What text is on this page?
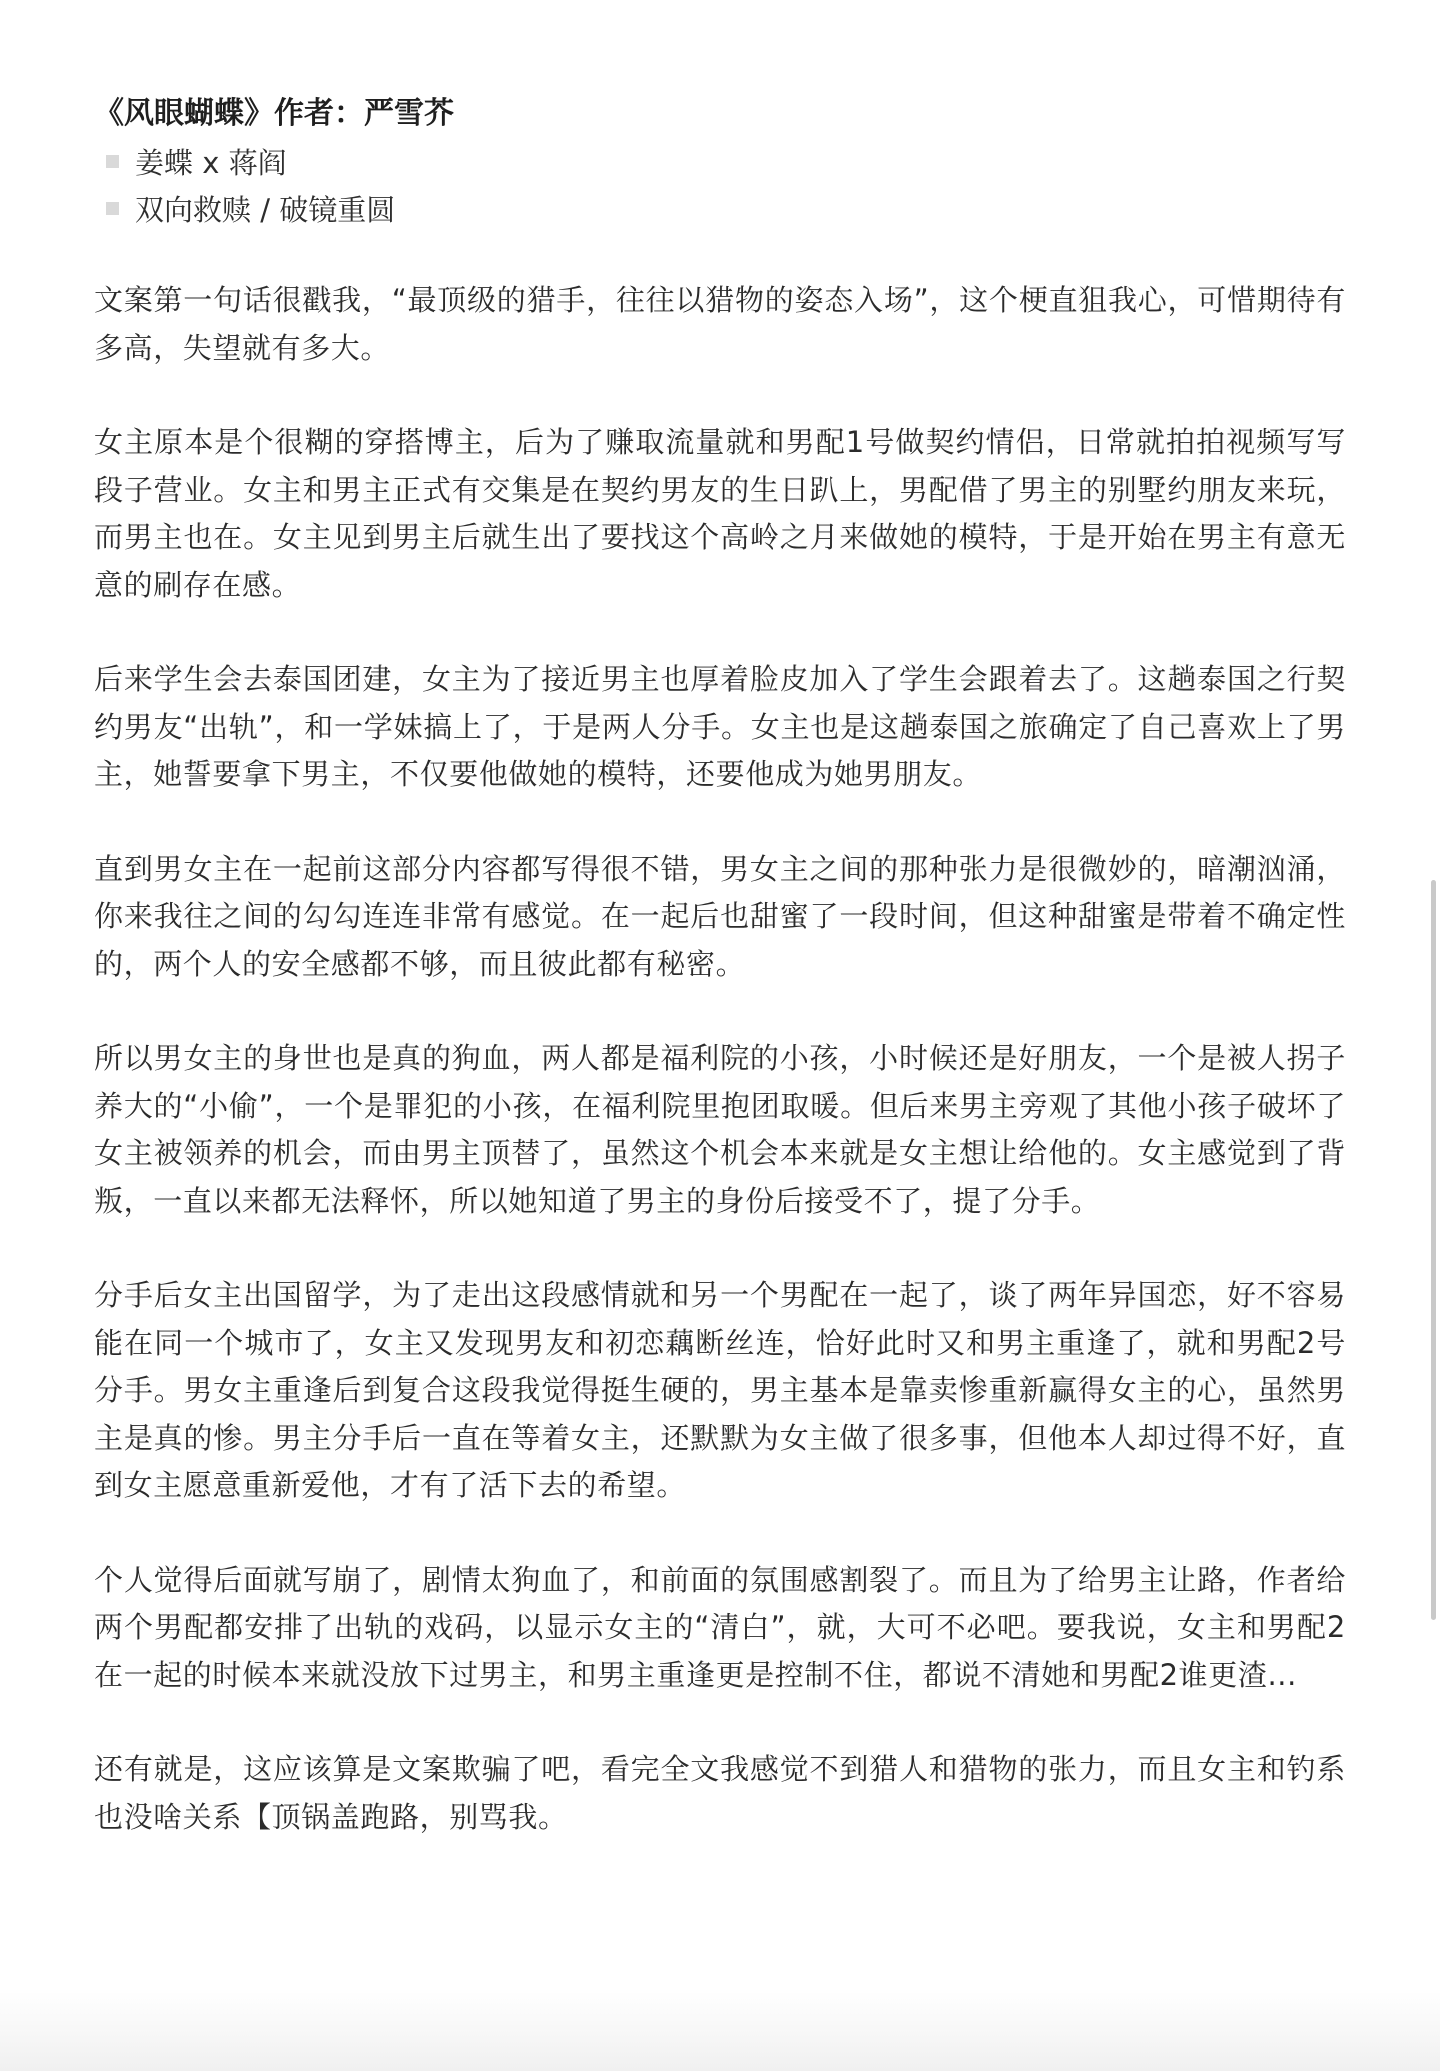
《风眼蝴蝶》作者：严雪芥
姜蝶 x 蒋阎
双向救赎 / 破镜重圆

文案第一句话很戳我，“最顶级的猎手，往往以猎物的姿态入场”，这个梗直狙我心，可惜期待有多高，失望就有多大。

女主原本是个很糊的穿搭博主，后为了赚取流量就和男配1号做契约情侣，日常就拍拍视频写写段子营业。女主和男主正式有交集是在契约男友的生日趴上，男配借了男主的别墅约朋友来玩，而男主也在。女主见到男主后就生出了要找这个高岭之月来做她的模特，于是开始在男主有意无意的刷存在感。

后来学生会去泰国团建，女主为了接近男主也厚着脸皮加入了学生会跟着去了。这趟泰国之行契约男友“出轨”，和一学妹搞上了，于是两人分手。女主也是这趟泰国之旅确定了自己喜欢上了男主，她誓要拿下男主，不仅要他做她的模特，还要他成为她男朋友。

直到男女主在一起前这部分内容都写得很不错，男女主之间的那种张力是很微妙的，暗潮汹涌，你来我往之间的勾勾连连非常有感觉。在一起后也甜蜜了一段时间，但这种甜蜜是带着不确定性的，两个人的安全感都不够，而且彼此都有秘密。

所以男女主的身世也是真的狗血，两人都是福利院的小孩，小时候还是好朋友，一个是被人拐子养大的“小偷”，一个是罪犯的小孩，在福利院里抱团取暖。但后来男主旁观了其他小孩子破坏了女主被领养的机会，而由男主顶替了，虽然这个机会本来就是女主想让给他的。女主感觉到了背叛，一直以来都无法释怀，所以她知道了男主的身份后接受不了，提了分手。

分手后女主出国留学，为了走出这段感情就和另一个男配在一起了，谈了两年异国恋，好不容易能在同一个城市了，女主又发现男友和初恋藕断丝连，恰好此时又和男主重逢了，就和男配2号分手。男女主重逢后到复合这段我觉得挺生硬的，男主基本是靠卖惨重新赢得女主的心，虽然男主是真的惨。男主分手后一直在等着女主，还默默为女主做了很多事，但他本人却过得不好，直到女主愿意重新爱他，才有了活下去的希望。

个人觉得后面就写崩了，剧情太狗血了，和前面的氛围感割裂了。而且为了给男主让路，作者给两个男配都安排了出轨的戏码，以显示女主的“清白”，就，大可不必吧。要我说，女主和男配2在一起的时候本来就没放下过男主，和男主重逢更是控制不住，都说不清她和男配2谁更渣...

还有就是，这应该算是文案欺骗了吧，看完全文我感觉不到猎人和猎物的张力，而且女主和钓系也没啥关系【顶锅盖跑路，别骂我。
